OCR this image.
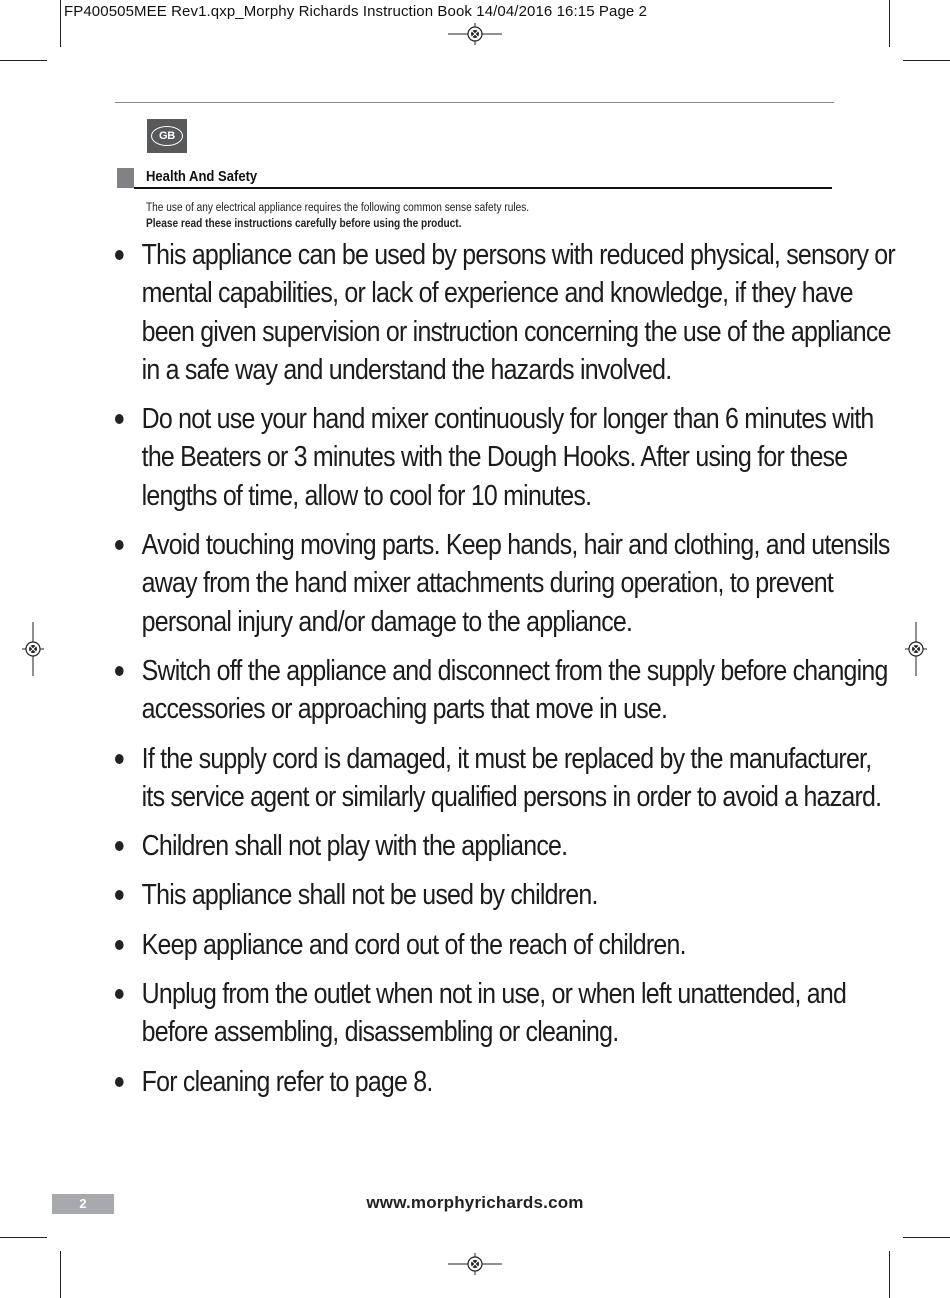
FP400505MEE Rev1.qxp_Morphy Richards Instruction Book 14/04/2016 16:15 Page 2
GB
Health And Safety
The use of any electrical appliance requires the following common sense safety rules.
Please read these instructions carefully before using the product.
This appliance can be used by persons with reduced physical, sensory or mental capabilities, or lack of experience and knowledge, if they have been given supervision or instruction concerning the use of the appliance in a safe way and understand the hazards involved.
Do not use your hand mixer continuously for longer than 6 minutes with the Beaters or 3 minutes with the Dough Hooks. After using for these lengths of time, allow to cool for 10 minutes.
Avoid touching moving parts. Keep hands, hair and clothing, and utensils away from the hand mixer attachments during operation, to prevent personal injury and/or damage to the appliance.
Switch off the appliance and disconnect from the supply before changing accessories or approaching parts that move in use.
If the supply cord is damaged, it must be replaced by the manufacturer, its service agent or similarly qualified persons in order to avoid a hazard.
Children shall not play with the appliance.
This appliance shall not be used by children.
Keep appliance and cord out of the reach of children.
Unplug from the outlet when not in use, or when left unattended, and before assembling, disassembling or cleaning.
For cleaning refer to page 8.
2	www.morphyrichards.com
